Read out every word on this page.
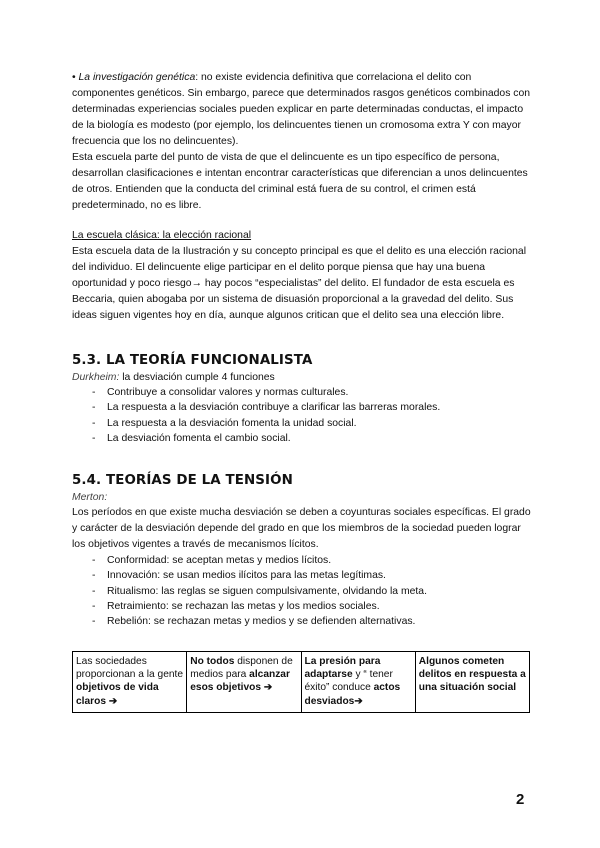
• La investigación genética: no existe evidencia definitiva que correlaciona el delito con componentes genéticos. Sin embargo, parece que determinados rasgos genéticos combinados con determinadas experiencias sociales pueden explicar en parte determinadas conductas, el impacto de la biología es modesto (por ejemplo, los delincuentes tienen un cromosoma extra Y con mayor frecuencia que los no delincuentes).

Esta escuela parte del punto de vista de que el delincuente es un tipo específico de persona, desarrollan clasificaciones e intentan encontrar características que diferencian a unos delincuentes de otros. Entienden que la conducta del criminal está fuera de su control, el crimen está predeterminado, no es libre.

La escuela clásica: la elección racional

Esta escuela data de la Ilustración y su concepto principal es que el delito es una elección racional del individuo. El delincuente elige participar en el delito porque piensa que hay una buena oportunidad y poco riesgo→ hay pocos “especialistas” del delito. El fundador de esta escuela es Beccaria, quien abogaba por un sistema de disuasión proporcional a la gravedad del delito. Sus ideas siguen vigentes hoy en día, aunque algunos critican que el delito sea una elección libre.

5.3. LA TEORÍA FUNCIONALISTA

Durkheim: la desviación cumple 4 funciones

- Contribuye a consolidar valores y normas culturales.
- La respuesta a la desviación contribuye a clarificar las barreras morales.
- La respuesta a la desviación fomenta la unidad social.
- La desviación fomenta el cambio social.
5.4. TEORÍAS DE LA TENSIÓN

Merton:

Los períodos en que existe mucha desviación se deben a coyunturas sociales específicas. El grado y carácter de la desviación depende del grado en que los miembros de la sociedad pueden lograr los objetivos vigentes a través de mecanismos lícitos.

- Conformidad: se aceptan metas y medios lícitos.
- Innovación: se usan medios ilícitos para las metas legítimas.
- Ritualismo: las reglas se siguen compulsivamente, olvidando la meta.
- Retraimiento: se rechazan las metas y los medios sociales.
- Rebelión: se rechazan metas y medios y se defienden alternativas.
Las sociedades proporcionan a la gente objetivos de vida claros ➔	No todos disponen de medios para alcanzar esos objetivos ➔	La presión para adaptarse y “ tener éxito” conduce actos desviados➔	Algunos cometen delitos en respuesta a una situación social
2
